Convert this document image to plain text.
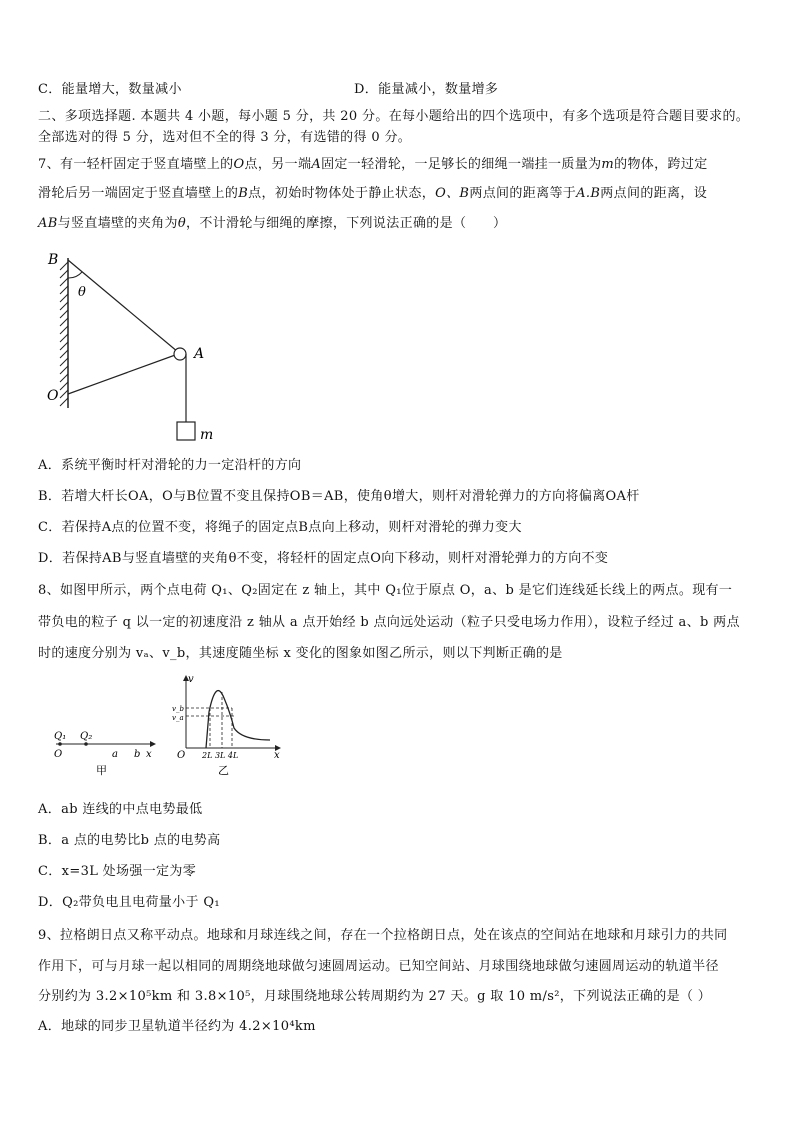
C．能量增大，数量减小	D．能量减小，数量增多
二、多项选择题. 本题共 4 小题，每小题 5 分，共 20 分。在每小题给出的四个选项中，有多个选项是符合题目要求的。
全部选对的得 5 分，选对但不全的得 3 分，有选错的得 0 分。
7、有一轻杆固定于竖直墙壁上的O点，另一端A固定一轻滑轮，一足够长的细绳一端挂一质量为m的物体，跨过定
滑轮后另一端固定于竖直墙壁上的B点，初始时物体处于静止状态，O、B两点间的距离等于A.B两点间的距离，设
AB与竖直墙壁的夹角为θ，不计滑轮与细绳的摩擦，下列说法正确的是（　　）
B
θ
A
O
m
A．系统平衡时杆对滑轮的力一定沿杆的方向
B．若增大杆长OA，O与B位置不变且保持OB＝AB，使角θ增大，则杆对滑轮弹力的方向将偏离OA杆
C．若保持A点的位置不变，将绳子的固定点B点向上移动，则杆对滑轮的弹力变大
D．若保持AB与竖直墙壁的夹角θ不变，将轻杆的固定点O向下移动，则杆对滑轮弹力的方向不变
8、如图甲所示，两个点电荷 Q₁、Q₂固定在 z 轴上，其中 Q₁位于原点 O，a、b 是它们连线延长线上的两点。现有一
带负电的粒子 q 以一定的初速度沿 z 轴从 a 点开始经 b 点向远处运动（粒子只受电场力作用），设粒子经过 a、b 两点
时的速度分别为 vₐ、v_b，其速度随坐标 x 变化的图象如图乙所示，则以下判断正确的是
Q₁ Q₂
O	a b x
甲
v
v_b
v_a
O 2L 3L 4L	x
乙
A．ab 连线的中点电势最低
B．a 点的电势比b 点的电势高
C．x=3L 处场强一定为零
D．Q₂带负电且电荷量小于 Q₁
9、拉格朗日点又称平动点。地球和月球连线之间，存在一个拉格朗日点，处在该点的空间站在地球和月球引力的共同
作用下，可与月球一起以相同的周期绕地球做匀速圆周运动。已知空间站、月球围绕地球做匀速圆周运动的轨道半径
分别约为 3.2×10⁵km 和 3.8×10⁵，月球围绕地球公转周期约为 27 天。g 取 10 m/s²，下列说法正确的是（ ）
A．地球的同步卫星轨道半径约为 4.2×10⁴km
